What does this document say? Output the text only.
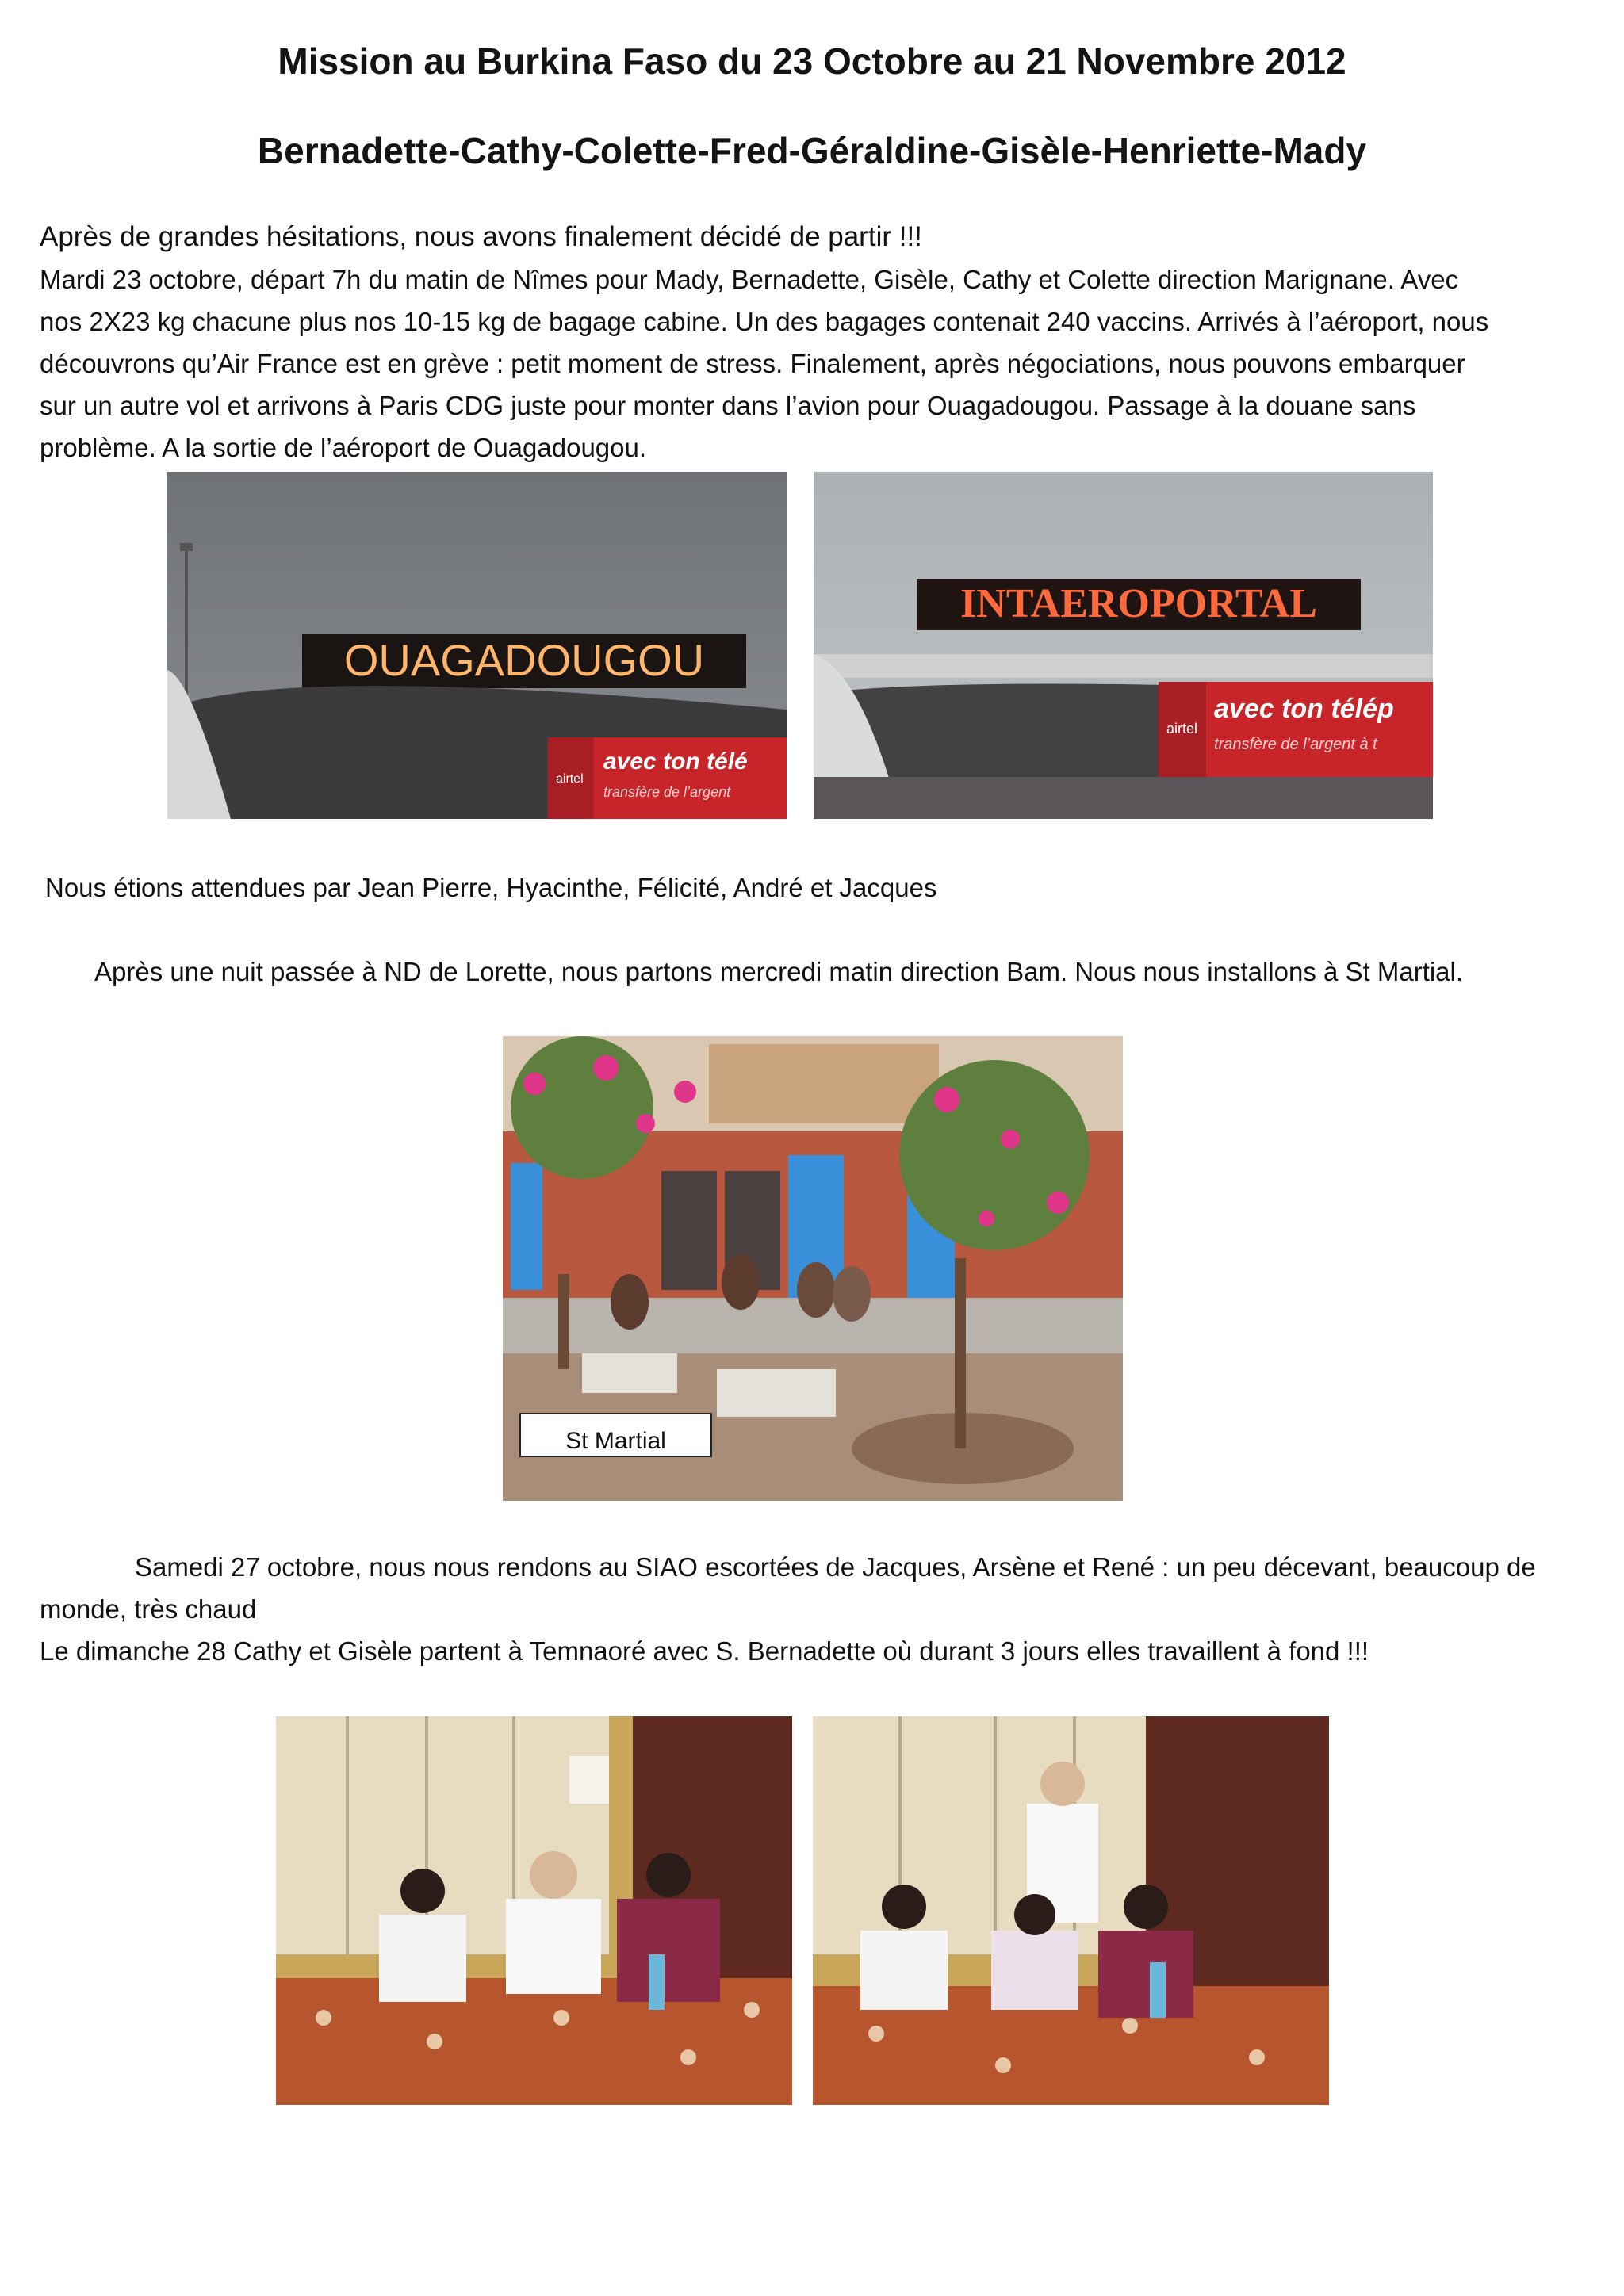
Mission au Burkina Faso du 23 Octobre au 21 Novembre 2012
Bernadette-Cathy-Colette-Fred-Géraldine-Gisèle-Henriette-Mady
Après de grandes hésitations, nous avons finalement décidé de partir !!!
Mardi 23 octobre, départ 7h du matin de Nîmes pour Mady, Bernadette, Gisèle, Cathy et Colette direction Marignane. Avec
nos 2X23 kg chacune plus nos 10-15 kg de bagage cabine. Un des bagages contenait 240 vaccins. Arrivés à l’aéroport, nous
découvrons qu’Air France est en grève : petit moment de stress. Finalement, après négociations, nous pouvons embarquer
sur un autre vol et arrivons à Paris CDG juste pour monter dans l’avion pour Ouagadougou. Passage à la douane sans
problème. A la sortie de l’aéroport de Ouagadougou.
OUAGADOUGOU
airtel
avec ton télé
transfère de l’argent
INTAEROPORTAL
airtel
avec ton télép
transfère de l’argent à t
Nous étions attendues par Jean Pierre, Hyacinthe, Félicité, André et Jacques
Après une nuit passée à ND de Lorette, nous partons mercredi matin direction Bam. Nous nous installons à St Martial.
St Martial
Samedi 27 octobre, nous nous rendons au SIAO escortées de Jacques, Arsène et René : un peu décevant, beaucoup de
monde, très chaud
Le dimanche 28 Cathy et Gisèle partent à Temnaoré avec S. Bernadette où durant 3 jours elles travaillent à fond !!!
